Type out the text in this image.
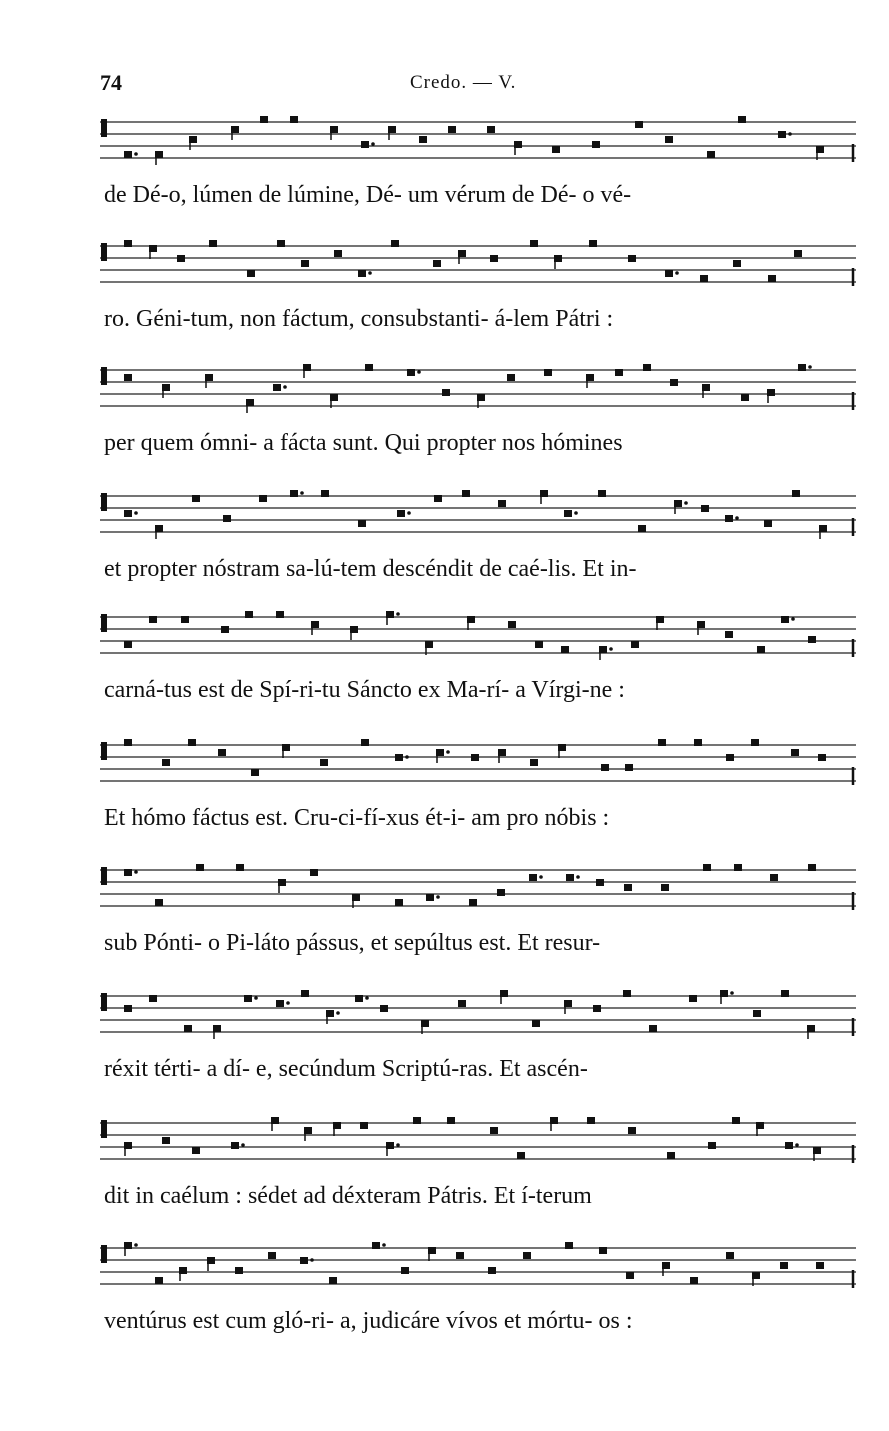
74	Credo. — V.
de Dé-o, lúmen de lúmine, Dé- um vérum de Dé- o vé-
ro. Géni-tum, non fáctum, consubstanti- á-lem Pátri :
per quem ómni- a fácta sunt. Qui propter nos hómines
et propter nóstram sa-lú-tem descéndit de caé-lis. Et in-
carná-tus est de Spí-ri-tu Sáncto ex Ma-rí- a Vírgi-ne :
Et hómo fáctus est. Cru-ci-fí-xus ét-i- am pro nóbis :
sub Pónti- o Pi-láto pássus, et sepúltus est. Et resur-
réxit térti- a dí- e, secúndum Scriptú-ras. Et ascén-
dit in caélum : sédet ad déxteram Pátris. Et í-terum
ventúrus est cum gló-ri- a, judicáre vívos et mórtu- os :
